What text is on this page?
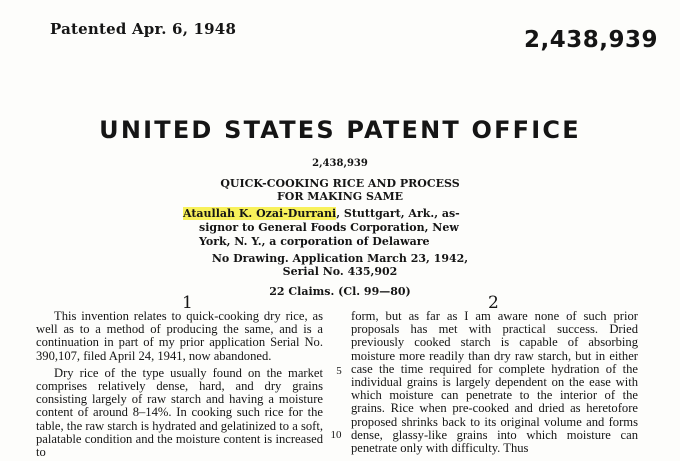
Patented Apr. 6, 1948	2,438,939
UNITED STATES PATENT OFFICE
2,438,939
QUICK-COOKING RICE AND PROCESS
FOR MAKING SAME
Ataullah K. Ozai-Durrani, Stuttgart, Ark., as-
signor to General Foods Corporation, New
York, N. Y., a corporation of Delaware
No Drawing. Application March 23, 1942,
Serial No. 435,902
22 Claims. (Cl. 99—80)
1	2

This invention relates to quick-cooking dry rice, as well as to a method of producing the same, and is a continuation in part of my prior application Serial No. 390,107, filed April 24, 1941, now abandoned.

Dry rice of the type usually found on the market comprises relatively dense, hard, and dry grains consisting largely of raw starch and having a moisture content of around 8–14%. In cooking such rice for the table, the raw starch is hydrated and gelatinized to a soft, palatable condition and the moisture content is increased to

5
10

form, but as far as I am aware none of such prior proposals has met with practical success. Dried previously cooked starch is capable of absorbing moisture more readily than dry raw starch, but in either case the time required for complete hydration of the individual grains is largely dependent on the ease with which moisture can penetrate to the interior of the grains. Rice when pre-cooked and dried as heretofore proposed shrinks back to its original volume and forms dense, glassy-like grains into which moisture can penetrate only with difficulty. Thus
